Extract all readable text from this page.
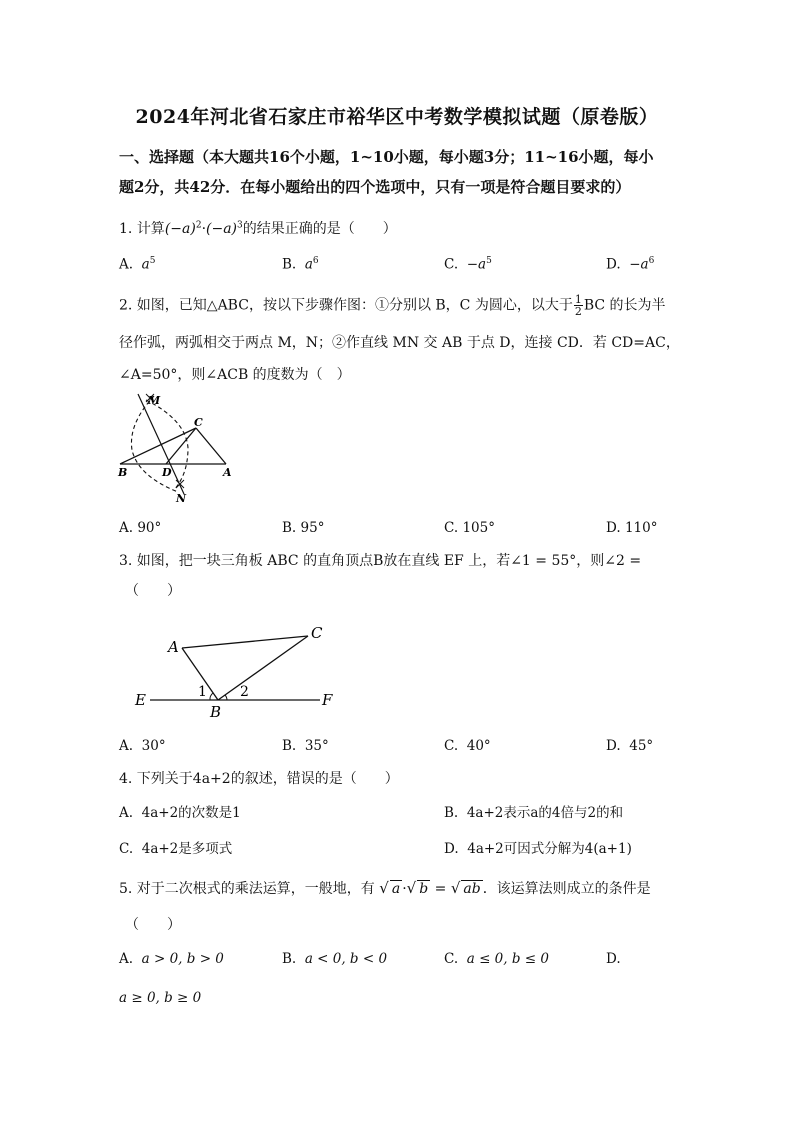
2024年河北省石家庄市裕华区中考数学模拟试题（原卷版）
一、选择题（本大题共16个小题，1~10小题，每小题3分；11~16小题，每小
题2分，共42分．在每小题给出的四个选项中，只有一项是符合题目要求的）
1. 计算$(-a)^2\cdot(-a)^3$的结果正确的是（　　）
A. $a^5$	B. $a^6$	C. $-a^5$	D. $-a^6$
2. 如图，已知△ABC，按以下步骤作图：①分别以 B，C 为圆心，以大于 $\frac{1}{2}$ BC 的长为半
径作弧，两弧相交于两点 M，N；②作直线 MN 交 AB 于点 D，连接 CD．若 CD=AC，
∠A=50°，则∠ACB 的度数为（　）
M
C
B	D	A
N
A. 90°	B. 95°	C. 105°	D. 110°
3. 如图，把一块三角板 ABC 的直角顶点B放在直线 EF 上，若∠1 = 55°，则∠2 =
（　　）
A
C
E
B
F
1 2
A. 30°	B. 35°	C. 40°	D. 45°
4. 下列关于4a+2的叙述，错误的是（　　）
A. 4a+2的次数是1	B. 4a+2表示a的4倍与2的和
C. 4a+2是多项式	D. 4a+2可因式分解为4(a+1)
5. 对于二次根式的乘法运算，一般地，有 √ a ·√ b = √ ab ．该运算法则成立的条件是
（　　）
A. a > 0, b > 0	B. a < 0, b < 0	C. a ≤ 0, b ≤ 0	D.
a ≥ 0, b ≥ 0
